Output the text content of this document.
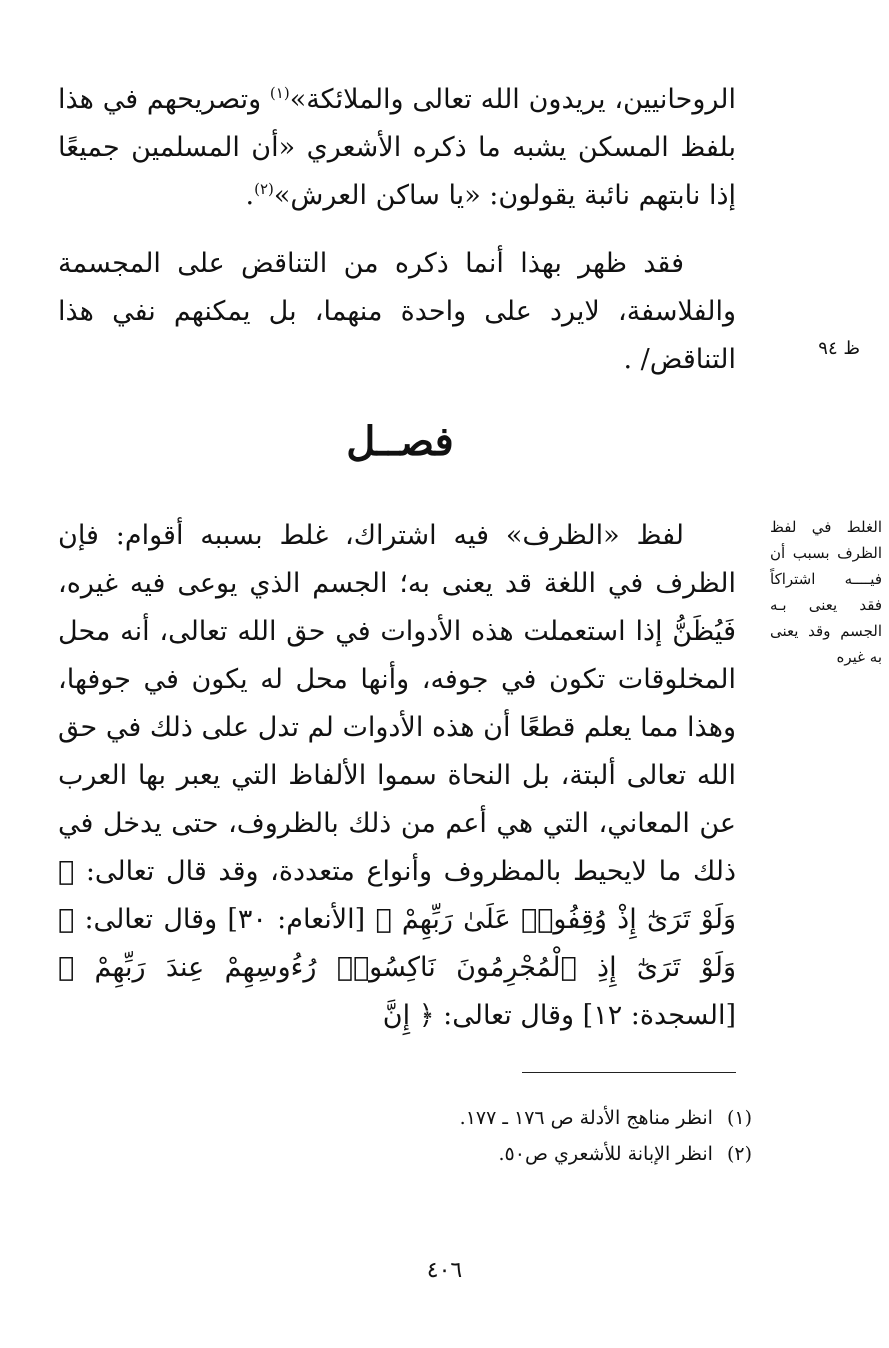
الروحانيين، يريدون الله تعالى والملائكة»$^{(١)}$ وتصريحهم في هذا بلفظ المسكن يشبه ما ذكره الأشعري «أن المسلمين جميعًا إذا نابتهم نائبة يقولون: «يا ساكن العرش»$^{(٢)}$.

فقد ظهر بهذا أنما ذكره من التناقض على المجسمة والفلاسفة، لايرد على واحدة منهما، بل يمكنهم نفي هذا التناقض/ .	ظ ٩٤

فصــل

الغلط في لفظ الظرف بسبب أن فيــــه اشتراكاً فقد يعنى بـه الجسم وقد يعنى به غيره

لفظ «الظرف» فيه اشتراك، غلط بسببه أقوام: فإن الظرف في اللغة قد يعنى به؛ الجسم الذي يوعى فيه غيره، فَيُظَنُّ إذا استعملت هذه الأدوات في حق الله تعالى، أنه محل المخلوقات تكون في جوفه، وأنها محل له يكون في جوفها، وهذا مما يعلم قطعًا أن هذه الأدوات لم تدل على ذلك في حق الله تعالى ألبتة، بل النحاة سموا الألفاظ التي يعبر بها العرب عن المعاني، التي هي أعم من ذلك بالظروف، حتى يدخل في ذلك ما لايحيط بالمظروف وأنواع متعددة، وقد قال تعالى: ﴿ وَلَوْ تَرَىٰٓ إِذْ وُقِفُوا۟ عَلَىٰ رَبِّهِمْ ﴾ [الأنعام: ٣٠] وقال تعالى: ﴿ وَلَوْ تَرَىٰٓ إِذِ ٱلْمُجْرِمُونَ نَاكِسُوا۟ رُءُوسِهِمْ عِندَ رَبِّهِمْ ﴾ [السجدة: ١٢] وقال تعالى: ﴿ إِنَّ

(١)انظر مناهج الأدلة ص ١٧٦ ـ ١٧٧.

(٢)انظر الإبانة للأشعري ص٥٠.

٤٠٦
